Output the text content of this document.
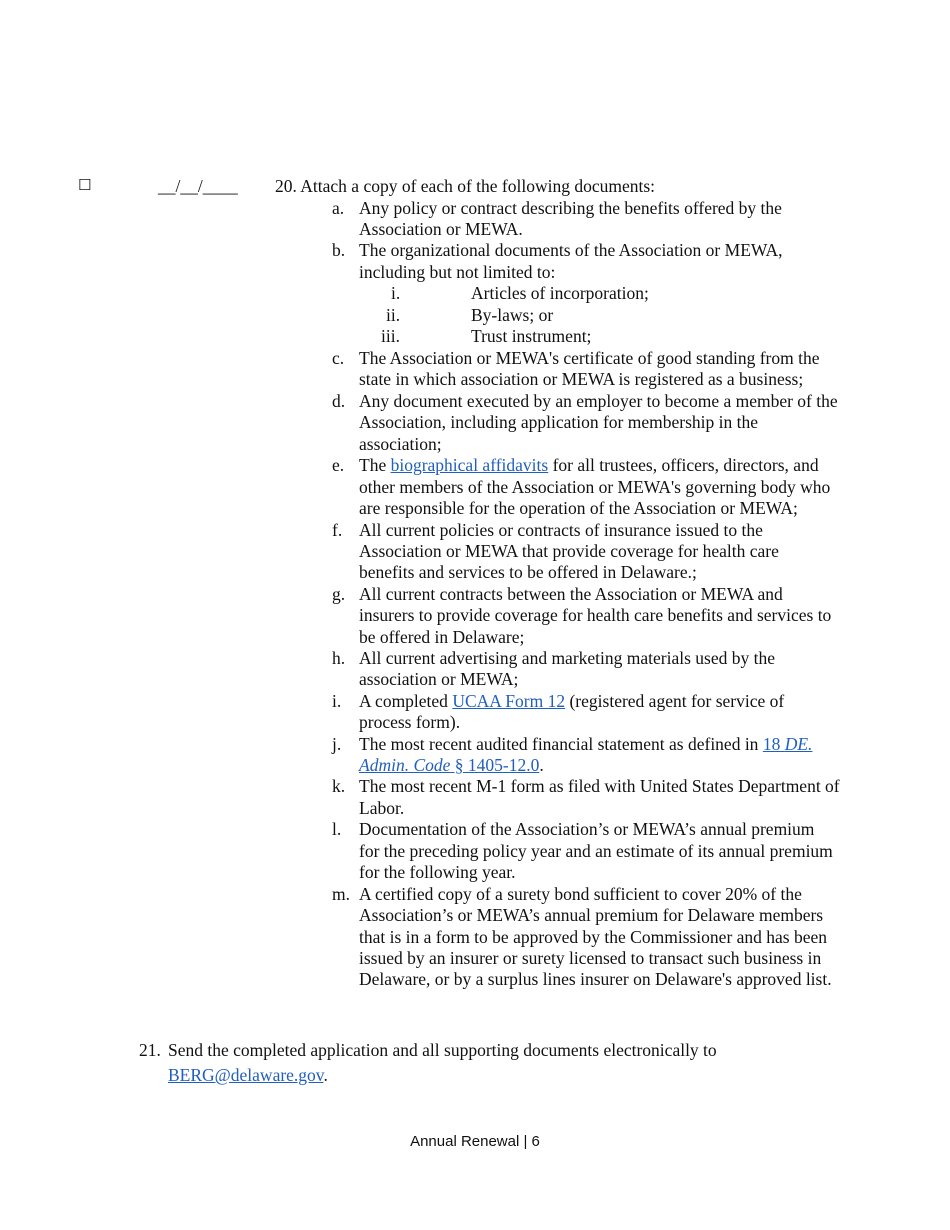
☐	__/__/____ 20. Attach a copy of each of the following documents:
a. Any policy or contract describing the benefits offered by the
Association or MEWA.
b. The organizational documents of the Association or MEWA,
including but not limited to:
i.	Articles of incorporation;
ii.	By-laws; or
iii.	Trust instrument;
c. The Association or MEWA's certificate of good standing from the
state in which association or MEWA is registered as a business;
d. Any document executed by an employer to become a member of the
Association, including application for membership in the
association;
e. The biographical affidavits for all trustees, officers, directors, and
other members of the Association or MEWA's governing body who
are responsible for the operation of the Association or MEWA;
f. All current policies or contracts of insurance issued to the
Association or MEWA that provide coverage for health care
benefits and services to be offered in Delaware.;
g. All current contracts between the Association or MEWA and
insurers to provide coverage for health care benefits and services to
be offered in Delaware;
h. All current advertising and marketing materials used by the
association or MEWA;
i. A completed UCAA Form 12 (registered agent for service of
process form).
j. The most recent audited financial statement as defined in 18 DE.
Admin. Code § 1405-12.0.
k. The most recent M-1 form as filed with United States Department of
Labor.
l. Documentation of the Association’s or MEWA’s annual premium
for the preceding policy year and an estimate of its annual premium
for the following year.
m. A certified copy of a surety bond sufficient to cover 20% of the
Association’s or MEWA’s annual premium for Delaware members
that is in a form to be approved by the Commissioner and has been
issued by an insurer or surety licensed to transact such business in
Delaware, or by a surplus lines insurer on Delaware's approved list.
21. Send the completed application and all supporting documents electronically to
BERG@delaware.gov.
Annual Renewal | 6
